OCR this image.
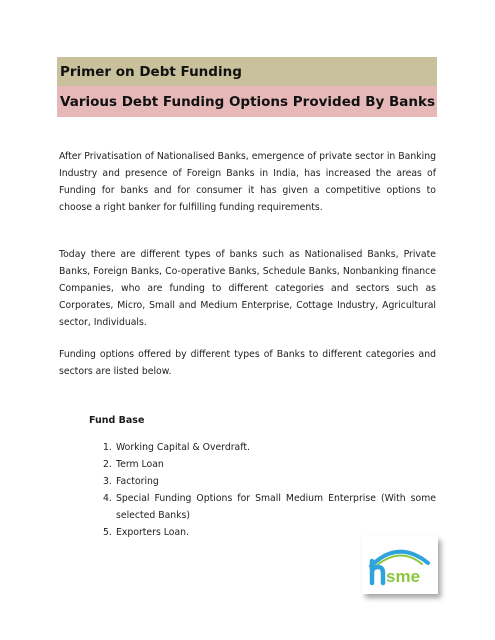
Primer on Debt Funding
Various Debt Funding Options Provided By Banks

After Privatisation of Nationalised Banks, emergence of private sector in Banking Industry and presence of Foreign Banks in India, has increased the areas of Funding for banks and for consumer it has given a competitive options to choose a right banker for fulfilling funding requirements.

Today there are different types of banks such as Nationalised Banks, Private Banks, Foreign Banks, Co-operative Banks, Schedule Banks, Nonbanking finance Companies, who are funding to different categories and sectors such as Corporates, Micro, Small and Medium Enterprise, Cottage Industry, Agricultural sector, Individuals.

Funding options offered by different types of Banks to different categories and sectors are listed below.

Fund Base
1. Working Capital & Overdraft.
2. Term Loan
3. Factoring
4. Special Funding Options for Small Medium Enterprise (With some selected Banks)
5. Exporters Loan.
sme
